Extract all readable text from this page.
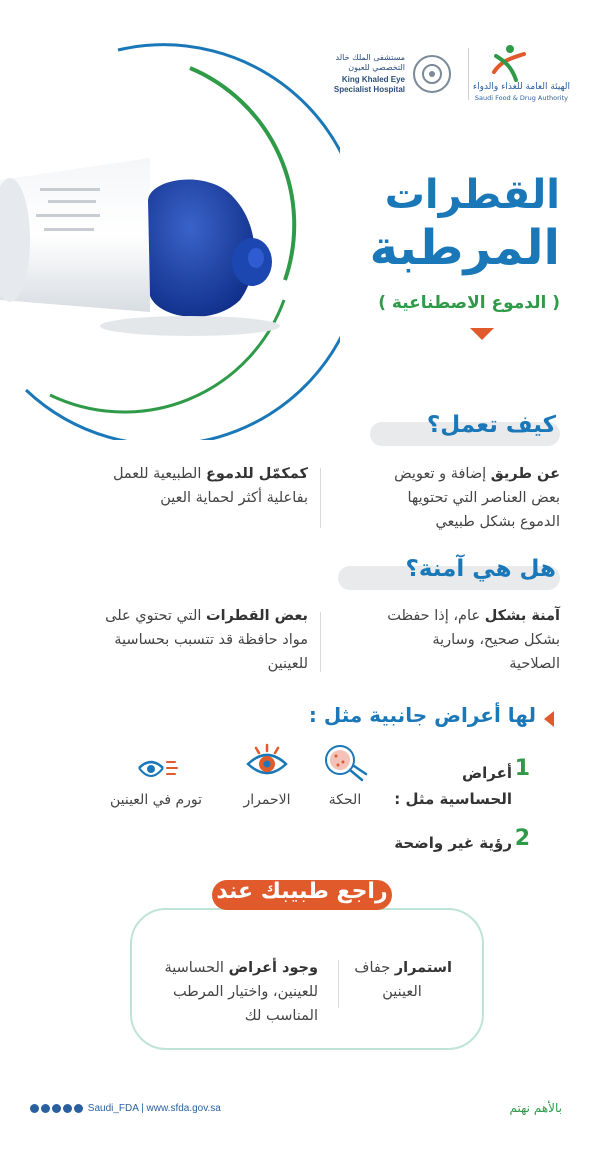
الهيئة العامة للغذاء والدواء
Saudi Food & Drug Authority
مستشفى الملك خالد
التخصصي للعيون
King Khaled Eye
Specialist Hospital
القطرات
المرطبة
( الدموع الاصطناعية )
كيف تعمل؟
عن طريق إضافة و تعويض
بعض العناصر التي تحتويها
الدموع بشكل طبيعي
كمكمّل للدموع الطبيعية للعمل
بفاعلية أكثر لحماية العين
هل هي آمنة؟
آمنة بشكل عام، إذا حفظت
بشكل صحيح، وسارية
الصلاحية
بعض القطرات التي تحتوي على
مواد حافظة قد تتسبب بحساسية
للعينين
لها أعراض جانبية مثل :
1
أعراض
الحساسية مثل :
الحكة
الاحمرار
تورم في العينين
2
رؤية غير واضحة
راجع طبيبك عند
استمرار جفاف
العينين
وجود أعراض الحساسية
للعينين، واختيار المرطب
المناسب لك
Saudi_FDA | www.sfda.gov.sa	بالأهم نهتم
